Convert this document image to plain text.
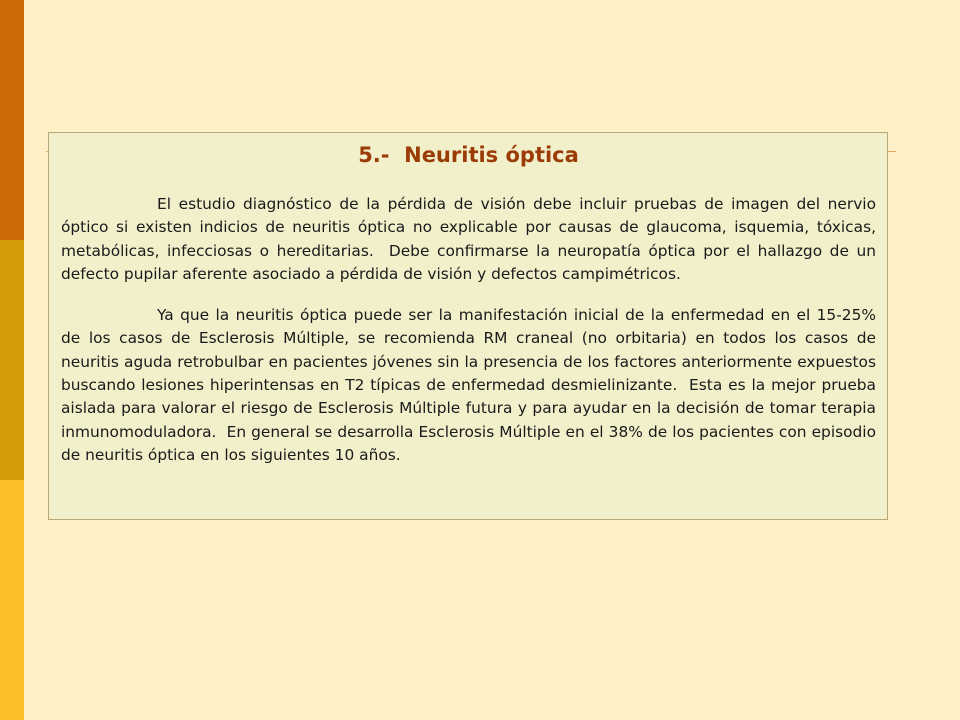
5.-  Neuritis óptica

El estudio diagnóstico de la pérdida de visión debe incluir pruebas de imagen del nervio óptico si existen indicios de neuritis óptica no explicable por causas de glaucoma, isquemia, tóxicas, metabólicas, infecciosas o hereditarias.  Debe confirmarse la neuropatía óptica por el hallazgo de un defecto pupilar aferente asociado a pérdida de visión y defectos campimétricos.

Ya que la neuritis óptica puede ser la manifestación inicial de la enfermedad en el 15-25% de los casos de Esclerosis Múltiple, se recomienda RM craneal (no orbitaria) en todos los casos de neuritis aguda retrobulbar en pacientes jóvenes sin la presencia de los factores anteriormente expuestos buscando lesiones hiperintensas en T2 típicas de enfermedad desmielinizante.  Esta es la mejor prueba aislada para valorar el riesgo de Esclerosis Múltiple futura y para ayudar en la decisión de tomar terapia inmunomoduladora.  En general se desarrolla Esclerosis Múltiple en el 38% de los pacientes con episodio de neuritis óptica en los siguientes 10 años.
